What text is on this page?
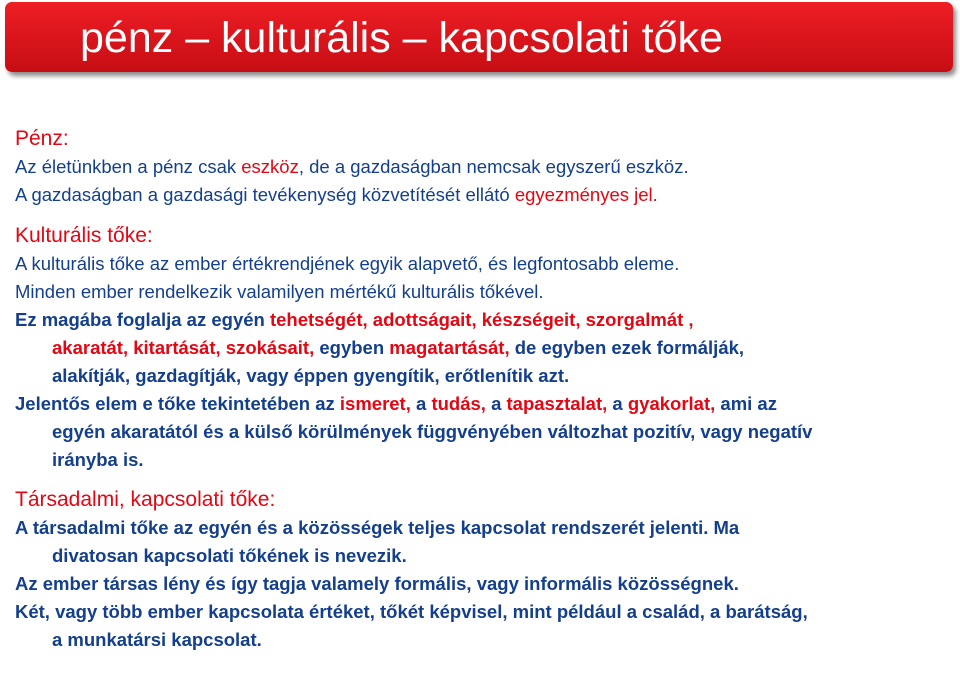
pénz – kulturális – kapcsolati tőke

Pénz:

Az életünkben a pénz csak eszköz, de a gazdaságban nemcsak egyszerű eszköz.

A gazdaságban a gazdasági tevékenység közvetítését ellátó egyezményes jel.

Kulturális tőke:

A kulturális tőke az ember értékrendjének egyik alapvető, és legfontosabb eleme.

Minden ember rendelkezik valamilyen mértékű kulturális tőkével.

Ez magába foglalja az egyén tehetségét, adottságait, készségeit, szorgalmát ,

akaratát, kitartását, szokásait, egyben magatartását, de egyben ezek formálják,

alakítják, gazdagítják, vagy éppen gyengítik, erőtlenítik azt.

Jelentős elem e tőke tekintetében az ismeret, a tudás, a tapasztalat, a gyakorlat, ami az

egyén akaratától és a külső körülmények függvényében változhat pozitív, vagy negatív

irányba is.

Társadalmi, kapcsolati tőke:

A társadalmi tőke az egyén és a közösségek teljes kapcsolat rendszerét jelenti. Ma

divatosan kapcsolati tőkének is nevezik.

Az ember társas lény és így tagja valamely formális, vagy informális közösségnek.

Két, vagy több ember kapcsolata értéket, tőkét képvisel, mint például a család, a barátság,

a munkatársi kapcsolat.
